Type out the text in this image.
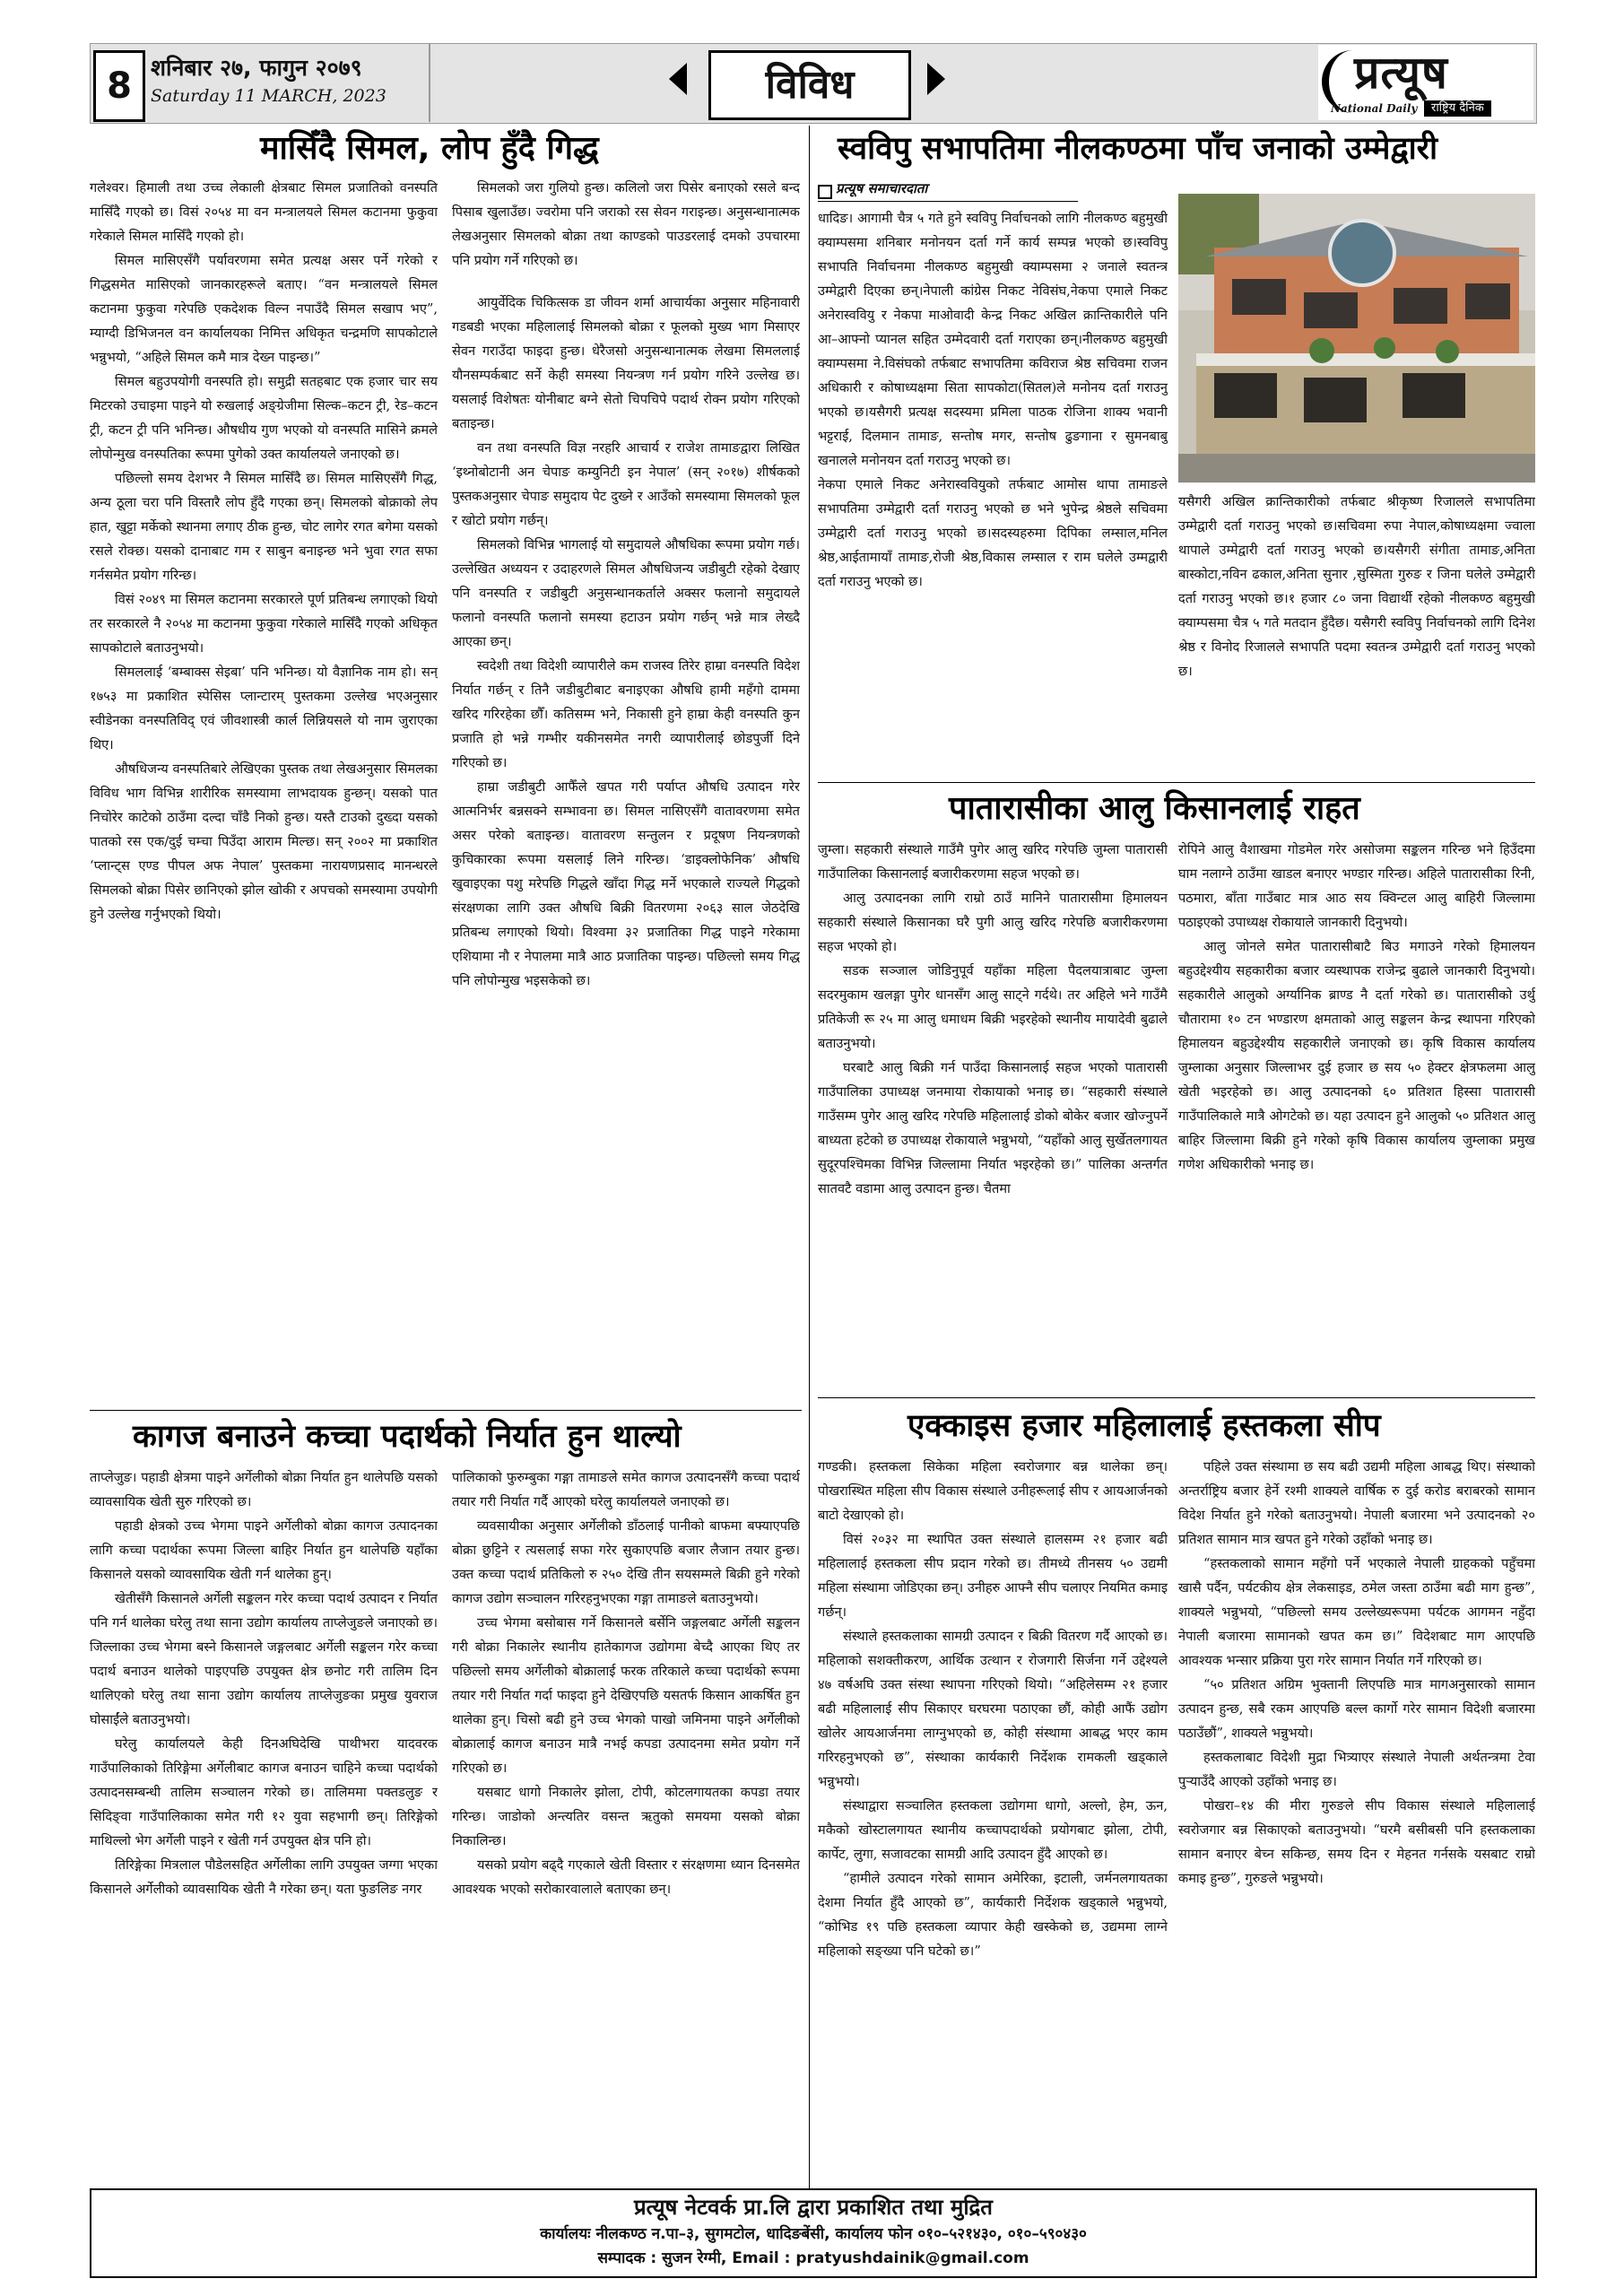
8 शनिबार २७, फागुन २०७९
Saturday 11 MARCH, 2023	विविध	प्रत्यूष
National Daily	राष्ट्रिय दैनिक
मासिँदै सिमल, लोप हुँदै गिद्ध

गलेश्वर। हिमाली तथा उच्च लेकाली क्षेत्रबाट सिमल प्रजातिको वनस्पति मासिँदै गएको छ। विसं २०५४ मा वन मन्त्रालयले सिमल कटानमा फुकुवा गरेकाले सिमल मासिँदै गएको हो।

सिमल मासिएसँगै पर्यावरणमा समेत प्रत्यक्ष असर पर्ने गरेको र गिद्धसमेत मासिएको जानकारहरूले बताए। “वन मन्त्रालयले सिमल कटानमा फुकुवा गरेपछि एकदेशक विल्न नपाउँदै सिमल सखाप भए”, म्याग्दी डिभिजनल वन कार्यालयका निमित्त अधिकृत चन्द्रमणि सापकोटाले भन्नुभयो, “अहिले सिमल कमै मात्र देख्न पाइन्छ।”

सिमल बहुउपयोगी वनस्पति हो। समुद्री सतहबाट एक हजार चार सय मिटरको उचाइमा पाइने यो रुखलाई अङ्ग्रेजीमा सिल्क–कटन ट्री, रेड–कटन ट्री, कटन ट्री पनि भनिन्छ। औषधीय गुण भएको यो वनस्पति मासिने क्रमले लोपोन्मुख वनस्पतिका रूपमा पुगेको उक्त कार्यालयले जनाएको छ।

पछिल्लो समय देशभर नै सिमल मासिँदै छ। सिमल मासिएसँगै गिद्ध, अन्य ठूला चरा पनि विस्तारै लोप हुँदै गएका छन्। सिमलको बोक्राको लेप हात, खुट्टा मर्केको स्थानमा लगाए ठीक हुन्छ, चोट लागेर रगत बगेमा यसको रसले रोक्छ। यसको दानाबाट गम र साबुन बनाइन्छ भने भुवा रगत सफा गर्नसमेत प्रयोग गरिन्छ।

विसं २०४९ मा सिमल कटानमा सरकारले पूर्ण प्रतिबन्ध लगाएको थियो तर सरकारले नै २०५४ मा कटानमा फुकुवा गरेकाले मासिँदै गएको अधिकृत सापकोटाले बताउनुभयो।

सिमललाई ‘बम्बाक्स सेइबा’ पनि भनिन्छ। यो वैज्ञानिक नाम हो। सन् १७५३ मा प्रकाशित स्पेसिस प्लान्टारम् पुस्तकमा उल्लेख भएअनुसार स्वीडेनका वनस्पतिविद् एवं जीवशास्त्री कार्ल लिन्नियसले यो नाम जुराएका थिए।

औषधिजन्य वनस्पतिबारे लेखिएका पुस्तक तथा लेखअनुसार सिमलका विविध भाग विभिन्न शारीरिक समस्यामा लाभदायक हुन्छन्। यसको पात निचोरेर काटेको ठाउँमा दल्दा चाँडै निको हुन्छ। यस्तै टाउको दुख्दा यसको पातको रस एक/दुई चम्चा पिउँदा आराम मिल्छ। सन् २००२ मा प्रकाशित ‘प्लान्ट्स एण्ड पीपल अफ नेपाल’ पुस्तकमा नारायणप्रसाद मानन्धरले सिमलको बोक्रा पिसेर छानिएको झोल खोकी र अपचको समस्यामा उपयोगी हुने उल्लेख गर्नुभएको थियो।

सिमलको जरा गुलियो हुन्छ। कलिलो जरा पिसेर बनाएको रसले बन्द पिसाब खुलाउँछ। ज्वरोमा पनि जराको रस सेवन गराइन्छ। अनुसन्धानात्मक लेखअनुसार सिमलको बोक्रा तथा काण्डको पाउडरलाई दमको उपचारमा पनि प्रयोग गर्ने गरिएको छ।

आयुर्वेदिक चिकित्सक डा जीवन शर्मा आचार्यका अनुसार महिनावारी गडबडी भएका महिलालाई सिमलको बोक्रा र फूलको मुख्य भाग मिसाएर सेवन गराउँदा फाइदा हुन्छ। धेरैजसो अनुसन्धानात्मक लेखमा सिमललाई यौनसम्पर्कबाट सर्ने केही समस्या नियन्त्रण गर्न प्रयोग गरिने उल्लेख छ। यसलाई विशेषतः योनीबाट बग्ने सेतो चिपचिपे पदार्थ रोक्न प्रयोग गरिएको बताइन्छ।

वन तथा वनस्पति विज्ञ नरहरि आचार्य र राजेश तामाङद्वारा लिखित ‘इथ्नोबोटानी अन चेपाङ कम्युनिटी इन नेपाल’ (सन् २०१७) शीर्षकको पुस्तकअनुसार चेपाङ समुदाय पेट दुख्ने र आउँको समस्यामा सिमलको फूल र खोटो प्रयोग गर्छन्।

सिमलको विभिन्न भागलाई यो समुदायले औषधिका रूपमा प्रयोग गर्छ। उल्लेखित अध्ययन र उदाहरणले सिमल औषधिजन्य जडीबुटी रहेको देखाए पनि वनस्पति र जडीबुटी अनुसन्धानकर्ताले अक्सर फलानो समुदायले फलानो वनस्पति फलानो समस्या हटाउन प्रयोग गर्छन् भन्ने मात्र लेख्दै आएका छन्।

स्वदेशी तथा विदेशी व्यापारीले कम राजस्व तिरेर हाम्रा वनस्पति विदेश निर्यात गर्छन् र तिनै जडीबुटीबाट बनाइएका औषधि हामी महँगो दाममा खरिद गरिरहेका छौँ। कतिसम्म भने, निकासी हुने हाम्रा केही वनस्पति कुन प्रजाति हो भन्ने गम्भीर यकीनसमेत नगरी व्यापारीलाई छोडपुर्जी दिने गरिएको छ।

हाम्रा जडीबुटी आफैँले खपत गरी पर्याप्त औषधि उत्पादन गरेर आत्मनिर्भर बन्नसक्ने सम्भावना छ। सिमल नासिएसँगै वातावरणमा समेत असर परेको बताइन्छ। वातावरण सन्तुलन र प्रदूषण नियन्त्रणको कुचिकारका रूपमा यसलाई लिने गरिन्छ। ‘डाइक्लोफेनिक’ औषधि खुवाइएका पशु मरेपछि गिद्धले खाँदा गिद्ध मर्ने भएकाले राज्यले गिद्धको संरक्षणका लागि उक्त औषधि बिक्री वितरणमा २०६३ साल जेठदेखि प्रतिबन्ध लगाएको थियो। विश्वमा ३२ प्रजातिका गिद्ध पाइने गरेकामा एशियामा नौ र नेपालमा मात्रै आठ प्रजातिका पाइन्छ। पछिल्लो समय गिद्ध पनि लोपोन्मुख भइसकेको छ।

स्वविपु सभापतिमा नीलकण्ठमा पाँच जनाको उम्मेद्वारी
प्रत्यूष समाचारदाता

धादिङ। आगामी चैत्र ५ गते हुने स्वविपु निर्वाचनको लागि नीलकण्ठ बहुमुखी क्याम्पसमा शनिबार मनोनयन दर्ता गर्ने कार्य सम्पन्न भएको छ।स्वविपु सभापति निर्वाचनमा नीलकण्ठ बहुमुखी क्याम्पसमा २ जनाले स्वतन्त्र उम्मेद्वारी दिएका छन्।नेपाली कांग्रेस निकट नेविसंघ,नेकपा एमाले निकट अनेरास्ववियु र नेकपा माओवादी केन्द्र निकट अखिल क्रान्तिकारीले पनि आ–आफ्नो प्यानल सहित उम्मेदवारी दर्ता गराएका छन्।नीलकण्ठ बहुमुखी क्याम्पसमा ने.विसंघको तर्फबाट सभापतिमा कविराज श्रेष्ठ सचिवमा राजन अधिकारी र कोषाध्यक्षमा सिता सापकोटा(सितल)ले मनोनय दर्ता गराउनु भएको छ।यसैगरी प्रत्यक्ष सदस्यमा प्रमिला पाठक रोजिना शाक्य भवानी भट्टराई, दिलमान तामाङ, सन्तोष मगर, सन्तोष ढुङगाना र सुमनबाबु खनालले मनोनयन दर्ता गराउनु भएको छ।

नेकपा एमाले निकट अनेरास्ववियुको तर्फबाट आमोस थापा तामाङले सभापतिमा उम्मेद्वारी दर्ता गराउनु भएको छ भने भुपेन्द्र श्रेष्ठले सचिवमा उम्मेद्वारी दर्ता गराउनु भएको छ।सदस्यहरुमा दिपिका लम्साल,मनिल श्रेष्ठ,आईतामायाँ तामाङ,रोजी श्रेष्ठ,विकास लम्साल र राम घलेले उम्मद्वारी दर्ता गराउनु भएको छ।

यसैगरी अखिल क्रान्तिकारीको तर्फबाट श्रीकृष्ण रिजालले सभापतिमा उम्मेद्वारी दर्ता गराउनु भएको छ।सचिवमा रुपा नेपाल,कोषाध्यक्षमा ज्वाला थापाले उम्मेद्वारी दर्ता गराउनु भएको छ।यसैगरी संगीता तामाङ,अनिता बास्कोटा,नविन ढकाल,अनिता सुनार ,सुस्मिता गुरुङ र जिना घलेले उम्मेद्वारी दर्ता गराउनु भएको छ।१ हजार ८० जना विद्यार्थी रहेको नीलकण्ठ बहुमुखी क्याम्पसमा चैत्र ५ गते मतदान हुँदैछ। यसैगरी स्वविपु निर्वाचनको लागि दिनेश श्रेष्ठ र विनोद रिजालले सभापति पदमा स्वतन्त्र उम्मेद्वारी दर्ता गराउनु भएको छ।

पातारासीका आलु किसानलाई राहत

जुम्ला। सहकारी संस्थाले गाउँमै पुगेर आलु खरिद गरेपछि जुम्ला पातारासी गाउँपालिका किसानलाई बजारीकरणमा सहज भएको छ।

आलु उत्पादनका लागि राम्रो ठाउँ मानिने पातारासीमा हिमालयन सहकारी संस्थाले किसानका घरै पुगी आलु खरिद गरेपछि बजारीकरणमा सहज भएको हो।

सडक सञ्जाल जोडिनुपूर्व यहाँका महिला पैदलयात्राबाट जुम्ला सदरमुकाम खलङ्गा पुगेर धानसँग आलु साट्ने गर्दथे। तर अहिले भने गाउँमै प्रतिकेजी रू २५ मा आलु धमाधम बिक्री भइरहेको स्थानीय मायादेवी बुढाले बताउनुभयो।

घरबाटै आलु बिक्री गर्न पाउँदा किसानलाई सहज भएको पातारासी गाउँपालिका उपाध्यक्ष जनमाया रोकायाको भनाइ छ। “सहकारी संस्थाले गाउँसम्म पुगेर आलु खरिद गरेपछि महिलालाई डोको बोकेर बजार खोज्नुपर्ने बाध्यता हटेको छ उपाध्यक्ष रोकायाले भन्नुभयो, “यहाँको आलु सुर्खेतलगायत सुदूरपश्चिमका विभिन्न जिल्लामा निर्यात भइरहेको छ।” पालिका अन्तर्गत सातवटै वडामा आलु उत्पादन हुन्छ। चैतमा

रोपिने आलु वैशाखमा गोडमेल गरेर असोजमा सङ्कलन गरिन्छ भने हिउँदमा घाम नलाग्ने ठाउँमा खाडल बनाएर भण्डार गरिन्छ। अहिले पातारासीका रिनी, पठमारा, बाँता गाउँबाट मात्र आठ सय क्विन्टल आलु बाहिरी जिल्लामा पठाइएको उपाध्यक्ष रोकायाले जानकारी दिनुभयो।

आलु जोनले समेत पातारासीबाटै बिउ मगाउने गरेको हिमालयन बहुउद्देश्यीय सहकारीका बजार व्यस्थापक राजेन्द्र बुढाले जानकारी दिनुभयो। सहकारीले आलुको अर्ग्यानिक ब्राण्ड नै दर्ता गरेको छ। पातारासीको उर्थु चौतारामा १० टन भण्डारण क्षमताको आलु सङ्कलन केन्द्र स्थापना गरिएको हिमालयन बहुउद्देश्यीय सहकारीले जनाएको छ। कृषि विकास कार्यालय जुम्लाका अनुसार जिल्लाभर दुई हजार छ सय ५० हेक्टर क्षेत्रफलमा आलु खेती भइरहेको छ। आलु उत्पादनको ६० प्रतिशत हिस्सा पातारासी गाउँपालिकाले मात्रै ओगटेको छ। यहा उत्पादन हुने आलुको ५० प्रतिशत आलु बाहिर जिल्लामा बिक्री हुने गरेको कृषि विकास कार्यालय जुम्लाका प्रमुख गणेश अधिकारीको भनाइ छ।

कागज बनाउने कच्चा पदार्थको निर्यात हुन थाल्यो

ताप्लेजुङ। पहाडी क्षेत्रमा पाइने अर्गेलीको बोक्रा निर्यात हुन थालेपछि यसको व्यावसायिक खेती सुरु गरिएको छ।

पहाडी क्षेत्रको उच्च भेगमा पाइने अर्गेलीको बोक्रा कागज उत्पादनका लागि कच्चा पदार्थका रूपमा जिल्ला बाहिर निर्यात हुन थालेपछि यहाँका किसानले यसको व्यावसायिक खेती गर्न थालेका हुन्।

खेतीसँगै किसानले अर्गेली सङ्कलन गरेर कच्चा पदार्थ उत्पादन र निर्यात पनि गर्न थालेका घरेलु तथा साना उद्योग कार्यालय ताप्लेजुङले जनाएको छ। जिल्लाका उच्च भेगमा बस्ने किसानले जङ्गलबाट अर्गेली सङ्कलन गरेर कच्चा पदार्थ बनाउन थालेको पाइएपछि उपयुक्त क्षेत्र छनोट गरी तालिम दिन थालिएको घरेलु तथा साना उद्योग कार्यालय ताप्लेजुङका प्रमुख युवराज घोसाईंले बताउनुभयो।

घरेलु कार्यालयले केही दिनअघिदेखि पाथीभरा यादवरक गाउँपालिकाको तिरिङ्गेमा अर्गेलीबाट कागज बनाउन चाहिने कच्चा पदार्थको उत्पादनसम्बन्धी तालिम सञ्चालन गरेको छ। तालिममा पक्तडलुङ र सिदिङ्वा गाउँपालिकाका समेत गरी १२ युवा सहभागी छन्। तिरिङ्गेको माथिल्लो भेग अर्गेली पाइने र खेती गर्न उपयुक्त क्षेत्र पनि हो।

तिरिङ्गेका मित्रलाल पौडेलसहित अर्गेलीका लागि उपयुक्त जग्गा भएका किसानले अर्गेलीको व्यावसायिक खेती नै गरेका छन्। यता फुङलिङ नगर

पालिकाको फुरुम्बुका गङ्गा तामाङले समेत कागज उत्पादनसँगै कच्चा पदार्थ तयार गरी निर्यात गर्दै आएको घरेलु कार्यालयले जनाएको छ।

व्यवसायीका अनुसार अर्गेलीको डाँठलाई पानीको बाफमा बफ्याएपछि बोक्रा छुट्टिने र त्यसलाई सफा गरेर सुकाएपछि बजार लैजान तयार हुन्छ। उक्त कच्चा पदार्थ प्रतिकिलो रु २५० देखि तीन सयसम्मले बिक्री हुने गरेको कागज उद्योग सञ्चालन गरिरहनुभएका गङ्गा तामाङले बताउनुभयो।

उच्च भेगमा बसोबास गर्ने किसानले बर्सेनि जङ्गलबाट अर्गेली सङ्कलन गरी बोक्रा निकालेर स्थानीय हातेकागज उद्योगमा बेच्दै आएका थिए तर पछिल्लो समय अर्गेलीको बोक्रालाई फरक तरिकाले कच्चा पदार्थको रूपमा तयार गरी निर्यात गर्दा फाइदा हुने देखिएपछि यसतर्फ किसान आकर्षित हुन थालेका हुन्। चिसो बढी हुने उच्च भेगको पाखो जमिनमा पाइने अर्गेलीको बोक्रालाई कागज बनाउन मात्रै नभई कपडा उत्पादनमा समेत प्रयोग गर्ने गरिएको छ।

यसबाट धागो निकालेर झोला, टोपी, कोटलगायतका कपडा तयार गरिन्छ। जाडोको अन्त्यतिर वसन्त ऋतुको समयमा यसको बोक्रा निकालिन्छ।

यसको प्रयोग बढ्दै गएकाले खेती विस्तार र संरक्षणमा ध्यान दिनसमेत आवश्यक भएको सरोकारवालाले बताएका छन्।

एक्काइस हजार महिलालाई हस्तकला सीप

गण्डकी। हस्तकला सिकेका महिला स्वरोजगार बन्न थालेका छन्। पोखरास्थित महिला सीप विकास संस्थाले उनीहरूलाई सीप र आयआर्जनको बाटो देखाएको हो।

विसं २०३२ मा स्थापित उक्त संस्थाले हालसम्म २१ हजार बढी महिलालाई हस्तकला सीप प्रदान गरेको छ। तीमध्ये तीनसय ५० उद्यमी महिला संस्थामा जोडिएका छन्। उनीहरु आफ्नै सीप चलाएर नियमित कमाइ गर्छन्।

संस्थाले हस्तकलाका सामग्री उत्पादन र बिक्री वितरण गर्दै आएको छ। महिलाको सशक्तीकरण, आर्थिक उत्थान र रोजगारी सिर्जना गर्ने उद्देश्यले ४७ वर्षअघि उक्त संस्था स्थापना गरिएको थियो। “अहिलेसम्म २१ हजार बढी महिलालाई सीप सिकाएर घरघरमा पठाएका छौं, कोही आफैं उद्योग खोलेर आयआर्जनमा लाग्नुभएको छ, कोही संस्थामा आबद्ध भएर काम गरिरहनुभएको छ”, संस्थाका कार्यकारी निर्देशक रामकली खड्काले भन्नुभयो।

संस्थाद्वारा सञ्चालित हस्तकला उद्योगमा धागो, अल्लो, हेम, ऊन, मकैको खोस्टालगायत स्थानीय कच्चापदार्थको प्रयोगबाट झोला, टोपी, कार्पेट, लुगा, सजावटका सामग्री आदि उत्पादन हुँदै आएको छ।

“हामीले उत्पादन गरेको सामान अमेरिका, इटाली, जर्मनलगायतका देशमा निर्यात हुँदै आएको छ”, कार्यकारी निर्देशक खड्काले भन्नुभयो, “कोभिड १९ पछि हस्तकला व्यापार केही खस्केको छ, उद्यममा लाग्ने महिलाको सङ्ख्या पनि घटेको छ।”

पहिले उक्त संस्थामा छ सय बढी उद्यमी महिला आबद्ध थिए। संस्थाको अन्तर्राष्ट्रिय बजार हेर्ने रश्मी शाक्यले वार्षिक रु दुई करोड बराबरको सामान विदेश निर्यात हुने गरेको बताउनुभयो। नेपाली बजारमा भने उत्पादनको २० प्रतिशत सामान मात्र खपत हुने गरेको उहाँको भनाइ छ।

“हस्तकलाको सामान महँगो पर्ने भएकाले नेपाली ग्राहकको पहुँचमा खासै पर्दैन, पर्यटकीय क्षेत्र लेकसाइड, ठमेल जस्ता ठाउँमा बढी माग हुन्छ”, शाक्यले भन्नुभयो, “पछिल्लो समय उल्लेख्यरूपमा पर्यटक आगमन नहुँदा नेपाली बजारमा सामानको खपत कम छ।” विदेशबाट माग आएपछि आवश्यक भन्सार प्रक्रिया पुरा गरेर सामान निर्यात गर्ने गरिएको छ।

“५० प्रतिशत अग्रिम भुक्तानी लिएपछि मात्र मागअनुसारको सामान उत्पादन हुन्छ, सबै रकम आएपछि बल्ल कार्गो गरेर सामान विदेशी बजारमा पठाउँछौं”, शाक्यले भन्नुभयो।

हस्तकलाबाट विदेशी मुद्रा भित्र्याएर संस्थाले नेपाली अर्थतन्त्रमा टेवा पुऱ्याउँदै आएको उहाँको भनाइ छ।

पोखरा–१४ की मीरा गुरुङले सीप विकास संस्थाले महिलालाई स्वरोजगार बन्न सिकाएको बताउनुभयो। “घरमै बसीबसी पनि हस्तकलाका सामान बनाएर बेच्न सकिन्छ, समय दिन र मेहनत गर्नसके यसबाट राम्रो कमाइ हुन्छ”, गुरुङले भन्नुभयो।

प्रत्यूष नेटवर्क प्रा.लि द्वारा प्रकाशित तथा मुद्रित
कार्यालयः नीलकण्ठ न.पा–३, सुगमटोल, धादिङबेंसी, कार्यालय फोन ०१०–५२१४३०, ०१०–५९०४३०
सम्पादक : सुजन रेग्मी, Email : pratyushdainik@gmail.com
